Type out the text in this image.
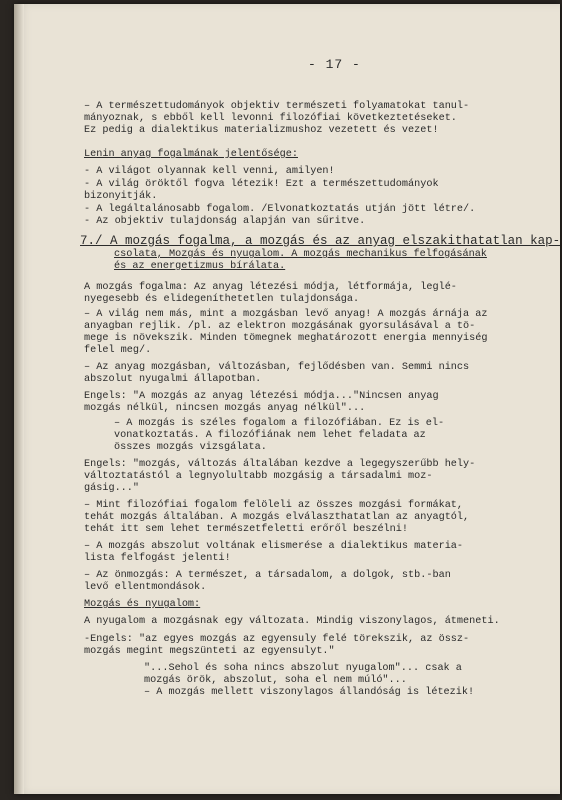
- 17 -
– A természettudományok objektiv természeti folyamatokat tanul-
mányoznak, s ebből kell levonni filozófiai következtetéseket.
Ez pedig a dialektikus materializmushoz vezetett és vezet!
Lenin anyag fogalmának jelentősége:
- A világot olyannak kell venni, amilyen!
- A világ öröktől fogva létezik! Ezt a természettudományok
bizonyitják.
- A legáltalánosabb fogalom. /Elvonatkoztatás utján jött létre/.
- Az objektiv tulajdonság alapján van sűritve.
7./ A mozgás fogalma, a mozgás és az anyag elszakithatatlan kap-
csolata, Mozgás és nyugalom. A mozgás mechanikus felfogásának
és az energetizmus bírálata.
A mozgás fogalma: Az anyag létezési módja, létformája, leglé-
nyegesebb és elidegeníthetetlen tulajdonsága.
– A világ nem más, mint a mozgásban levő anyag! A mozgás árnája az
anyagban rejlik. /pl. az elektron mozgásának gyorsulásával a tö-
mege is növekszik. Minden tömegnek meghatározott energia mennyiség
felel meg/.
– Az anyag mozgásban, változásban, fejlődésben van. Semmi nincs
abszolut nyugalmi állapotban.
Engels: "A mozgás az anyag létezési módja..."Nincsen anyag
mozgás nélkül, nincsen mozgás anyag nélkül"...
– A mozgás is széles fogalom a filozófiában. Ez is el-
vonatkoztatás. A filozófiának nem lehet feladata az
összes mozgás vizsgálata.
Engels: "mozgás, változás általában kezdve a legegyszerűbb hely-
változtatástól a legnyolultabb mozgásig a társadalmi moz-
gásig..."
– Mint filozófiai fogalom felöleli az összes mozgási formákat,
tehát mozgás általában. A mozgás elválaszthatatlan az anyagtól,
tehát itt sem lehet természetfeletti erőről beszélni!
– A mozgás abszolut voltának elismerése a dialektikus materia-
lista felfogást jelenti!
– Az önmozgás: A természet, a társadalom, a dolgok, stb.-ban
levő ellentmondások.
Mozgás és nyugalom:
A nyugalom a mozgásnak egy változata. Mindig viszonylagos, átmeneti.
-Engels: "az egyes mozgás az egyensuly felé törekszik, az össz-
mozgás megint megszünteti az egyensulyt."
"...Sehol és soha nincs abszolut nyugalom"... csak a
mozgás örök, abszolut, soha el nem múló"...
– A mozgás mellett viszonylagos állandóság is létezik!
